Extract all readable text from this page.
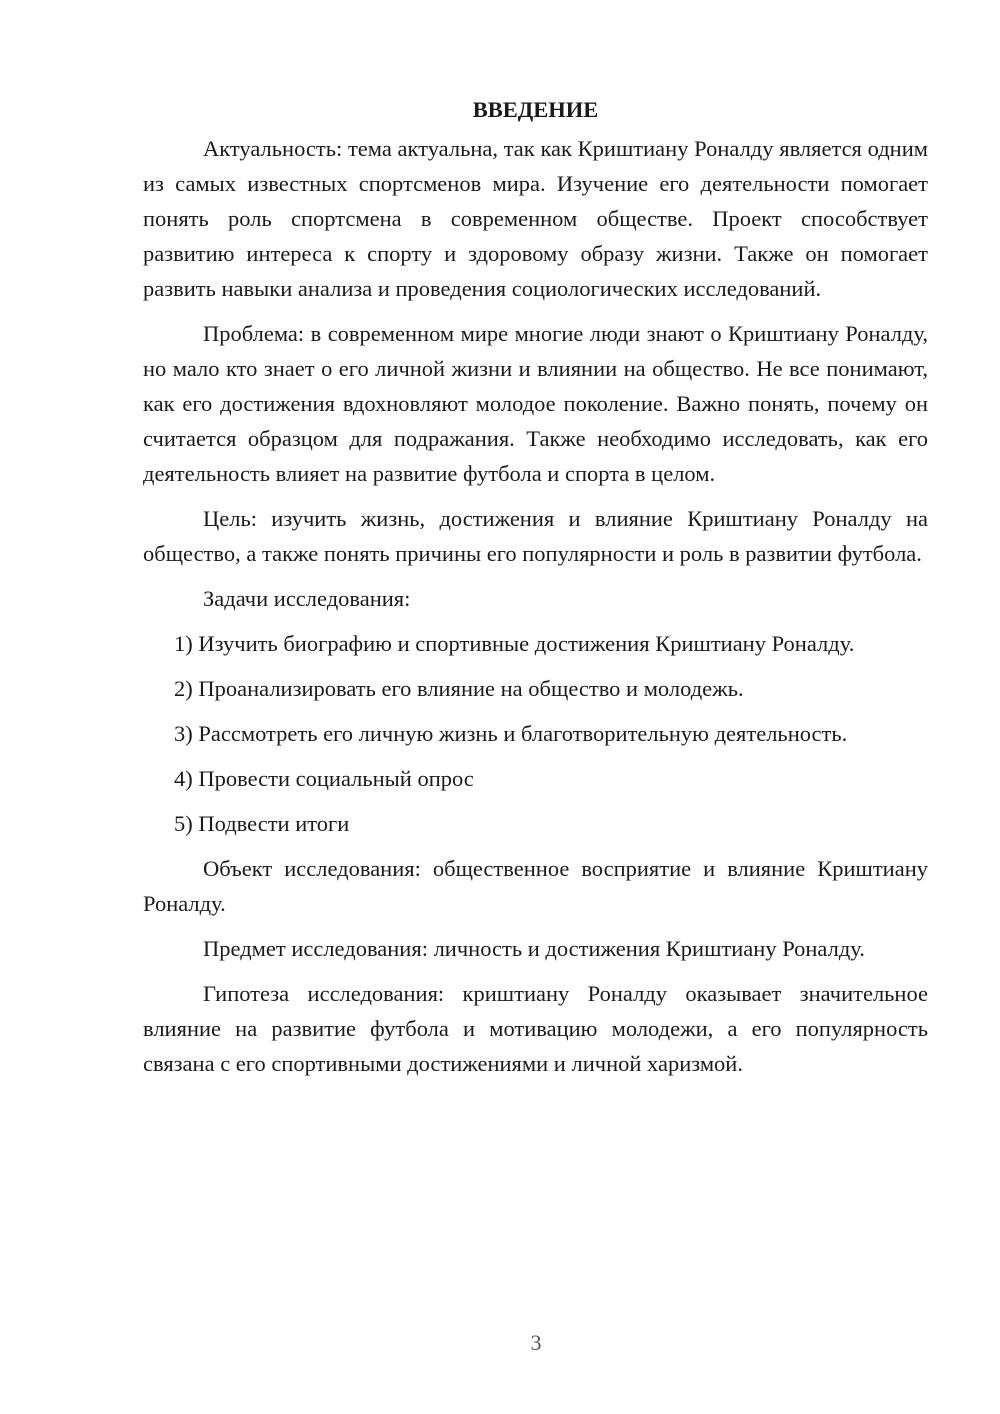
ВВЕДЕНИЕ

Актуальность: тема актуальна, так как Криштиану Роналду является одним из самых известных спортсменов мира. Изучение его деятельности помогает понять роль спортсмена в современном обществе. Проект способствует развитию интереса к спорту и здоровому образу жизни. Также он помогает развить навыки анализа и проведения социологических исследований.

Проблема: в современном мире многие люди знают о Криштиану Роналду, но мало кто знает о его личной жизни и влиянии на общество. Не все понимают, как его достижения вдохновляют молодое поколение. Важно понять, почему он считается образцом для подражания. Также необходимо исследовать, как его деятельность влияет на развитие футбола и спорта в целом.

Цель: изучить жизнь, достижения и влияние Криштиану Роналду на общество, а также понять причины его популярности и роль в развитии футбола.

Задачи исследования:

1) Изучить биографию и спортивные достижения Криштиану Роналду.

2) Проанализировать его влияние на общество и молодежь.

3) Рассмотреть его личную жизнь и благотворительную деятельность.

4) Провести социальный опрос

5) Подвести итоги

Объект исследования: общественное восприятие и влияние Криштиану Роналду.

Предмет исследования: личность и достижения Криштиану Роналду.

Гипотеза исследования: криштиану Роналду оказывает значительное влияние на развитие футбола и мотивацию молодежи, а его популярность связана с его спортивными достижениями и личной харизмой.

3
